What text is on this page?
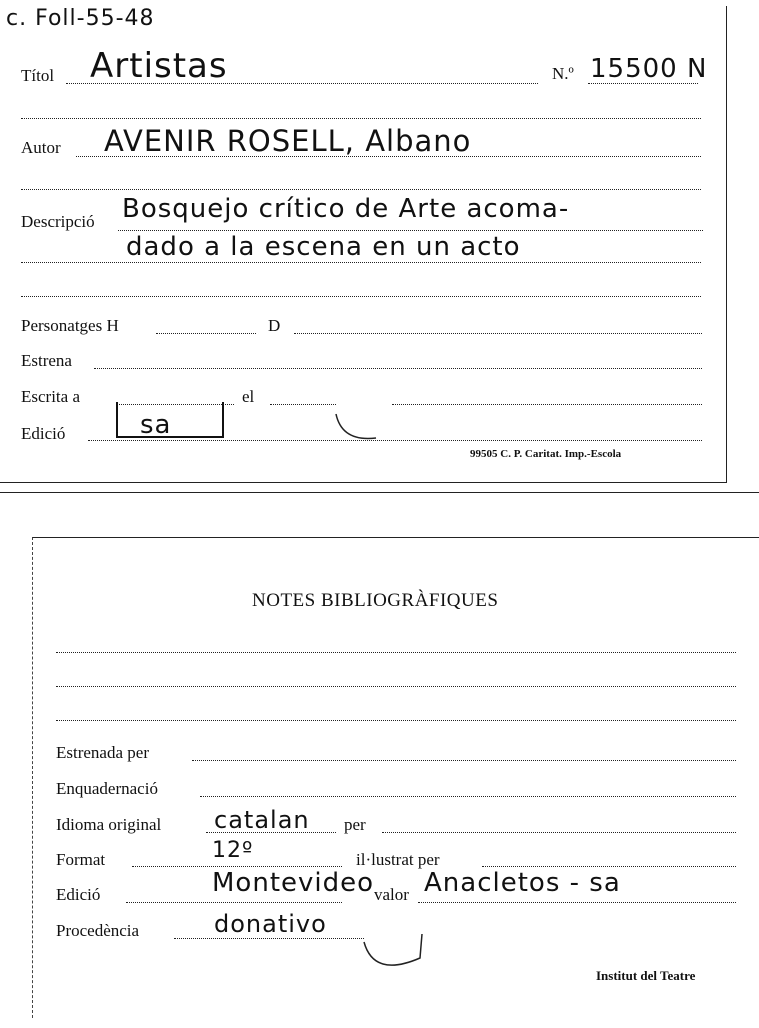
c. Foll-55-48
Títol Artistas	N.º 15500 N
Autor AVENIR ROSELL, Albano
Descripció Bosquejo crítico de Arte acoma-
dado a la escena en un acto
Personatges H	D
Estrena
Escrita a	el
Edició	sa
99505 C. P. Caritat. Imp.-Escola
NOTES BIBLIOGRÀFIQUES
Estrenada per
Enquadernació
Idioma original catalan per
Format	12º	il·lustrat per
Edició	Montevideo valor Anacletos - sa
Procedència	donativo
Institut del Teatre
